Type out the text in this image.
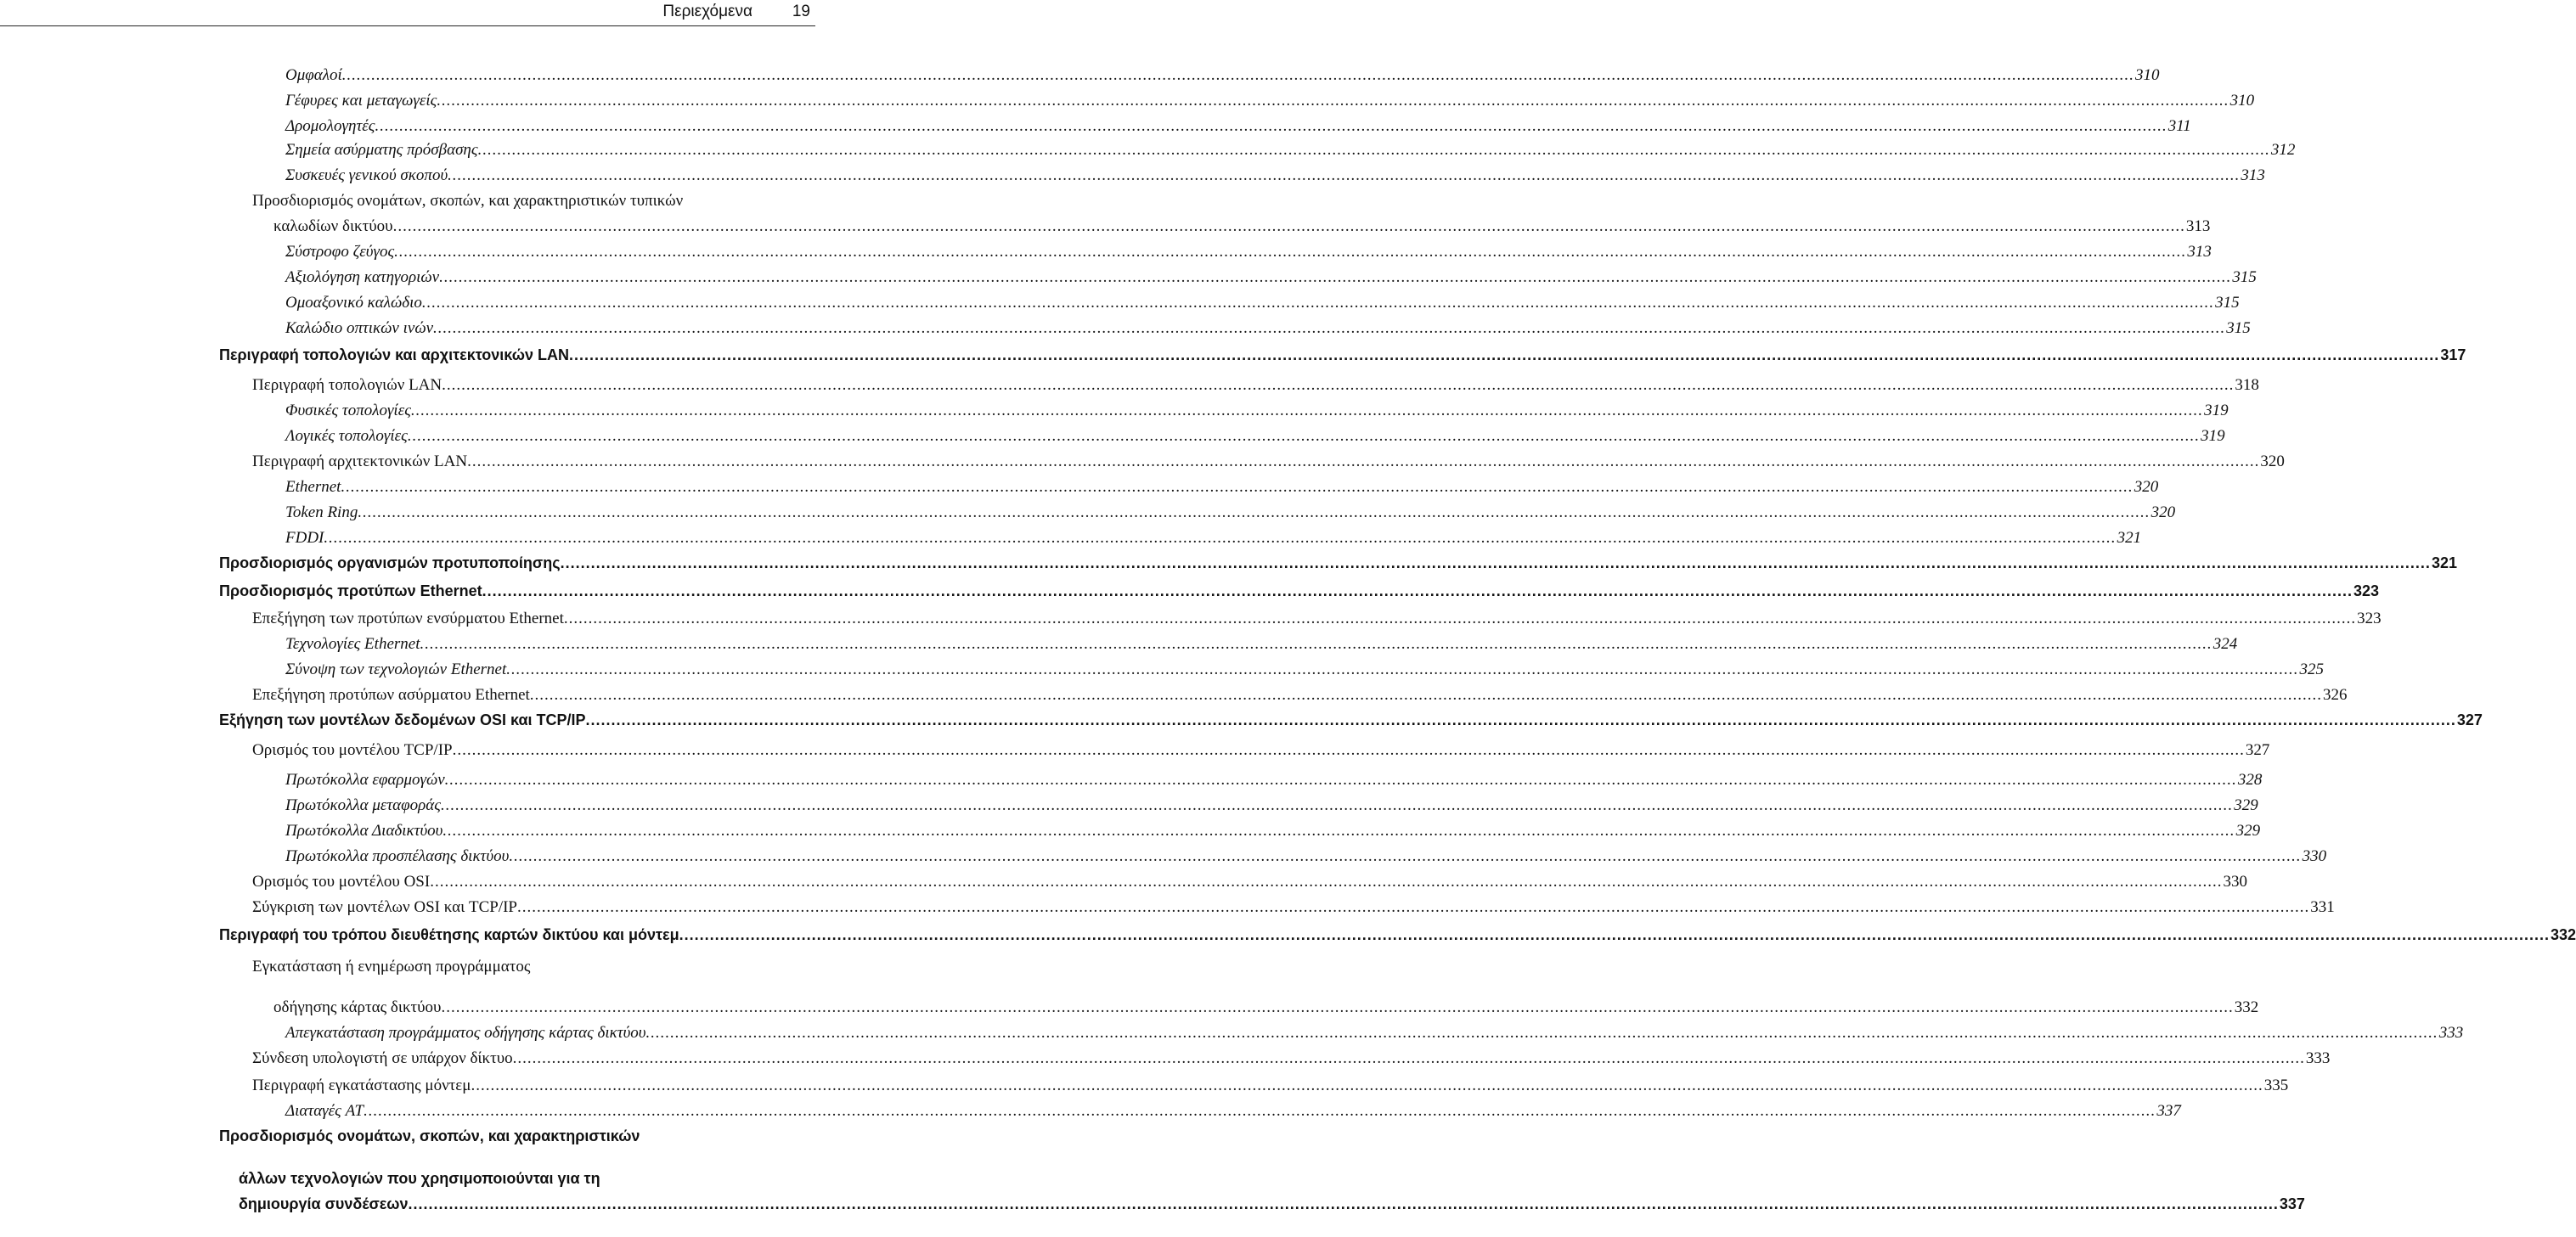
Περιεχόμενα 19
Ομφαλοί .....	310
Γέφυρες και μεταγωγείς .....	310
Δρομολογητές .....	311
Σημεία ασύρματης πρόσβασης .....	312
Συσκευές γενικού σκοπού .....	313
Προσδιορισμός ονομάτων, σκοπών, και χαρακτηριστικών τυπικών
καλωδίων δικτύου .....	313
Σύστροφο ζεύγος .....	313
Αξιολόγηση κατηγοριών .....	315
Ομοαξονικό καλώδιο .....	315
Καλώδιο οπτικών ινών .....	315
Περιγραφή τοπολογιών και αρχιτεκτονικών LAN .....	317
Περιγραφή τοπολογιών LAN .....	318
Φυσικές τοπολογίες .....	319
Λογικές τοπολογίες .....	319
Περιγραφή αρχιτεκτονικών LAN .....	320
Ethernet .....	320
Token Ring .....	320
FDDI .....	321
Προσδιορισμός οργανισμών προτυποποίησης .....	321
Προσδιορισμός προτύπων Ethernet .....	323
Επεξήγηση των προτύπων ενσύρματου Ethernet .....	323
Τεχνολογίες Ethernet .....	324
Σύνοψη των τεχνολογιών Ethernet .....	325
Επεξήγηση προτύπων ασύρματου Ethernet .....	326
Εξήγηση των μοντέλων δεδομένων OSI και TCP/IP .....	327
Ορισμός του μοντέλου TCP/IP .....	327
Πρωτόκολλα εφαρμογών .....	328
Πρωτόκολλα μεταφοράς .....	329
Πρωτόκολλα Διαδικτύου .....	329
Πρωτόκολλα προσπέλασης δικτύου .....	330
Ορισμός του μοντέλου OSI .....	330
Σύγκριση των μοντέλων OSI και TCP/IP .....	331
Περιγραφή του τρόπου διευθέτησης καρτών δικτύου και μόντεμ .....	332
Εγκατάσταση ή ενημέρωση προγράμματος
οδήγησης κάρτας δικτύου .....	332
Απεγκατάσταση προγράμματος οδήγησης κάρτας δικτύου .....	333
Σύνδεση υπολογιστή σε υπάρχον δίκτυο .....	333
Περιγραφή εγκατάστασης μόντεμ .....	335
Διαταγές AT .....	337
Προσδιορισμός ονομάτων, σκοπών, και χαρακτηριστικών
άλλων τεχνολογιών που χρησιμοποιούνται για τη
δημιουργία συνδέσεων .....	337
